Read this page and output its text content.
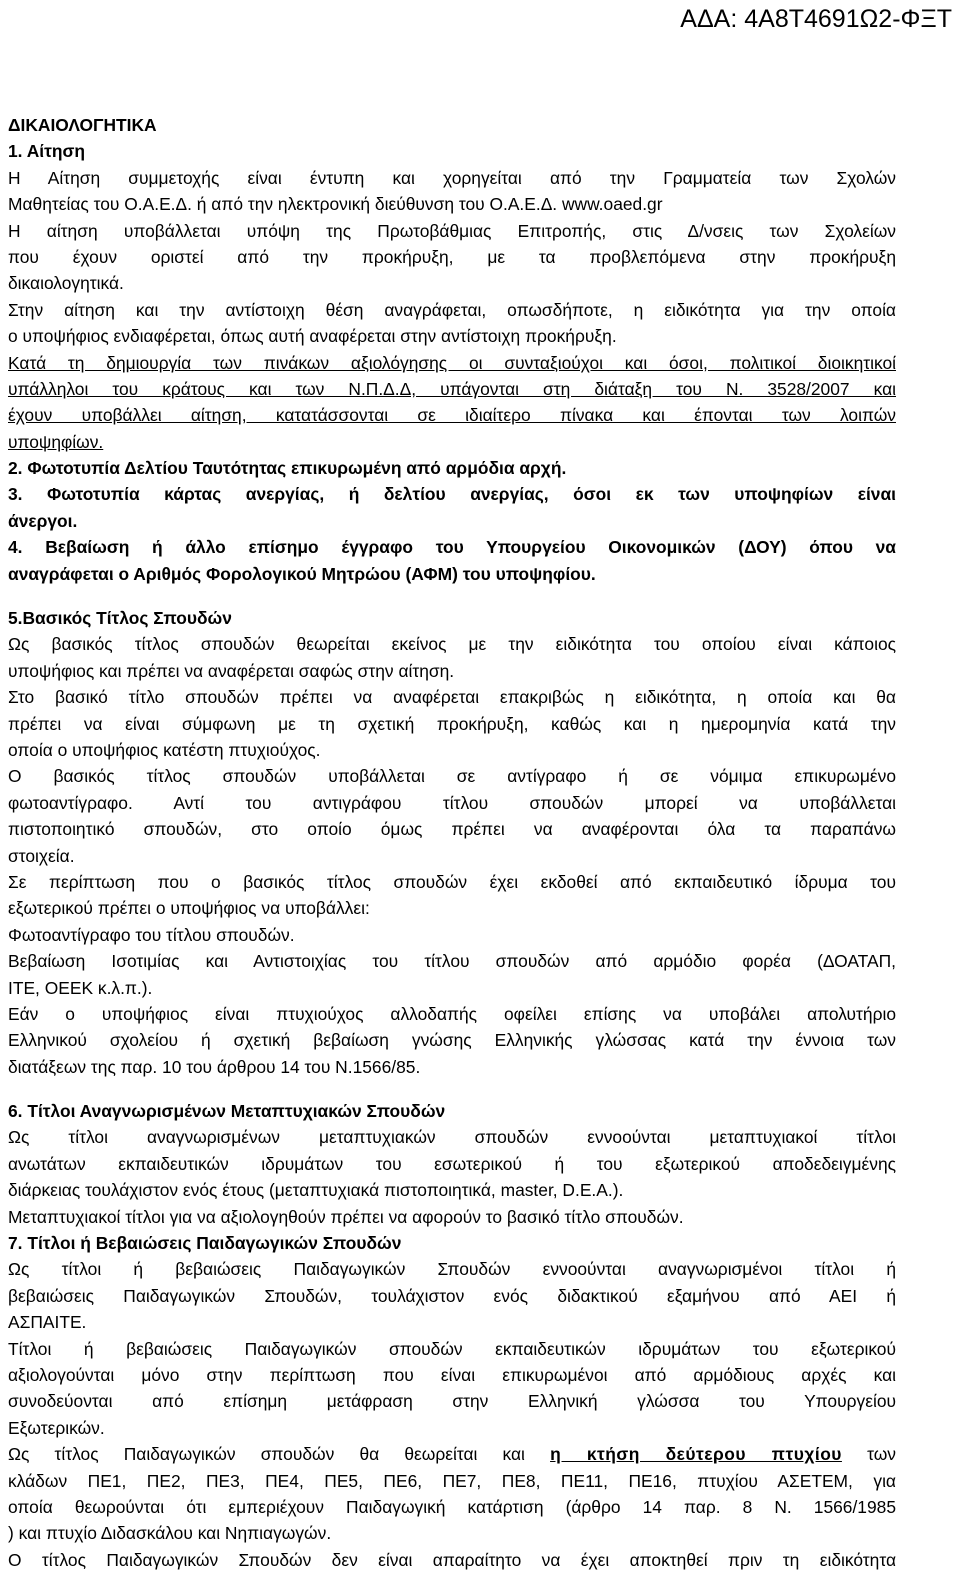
ΑΔΑ: 4Α8Τ4691Ω2-ΦΞΤ
ΔΙΚΑΙΟΛΟΓΗΤΙΚΑ
1. Αίτηση
Η Αίτηση συμμετοχής είναι έντυπη και χορηγείται από την Γραμματεία των Σχολών
Μαθητείας του Ο.Α.Ε.Δ. ή από την ηλεκτρονική διεύθυνση του Ο.Α.Ε.Δ. www.oaed.gr
Η αίτηση υποβάλλεται υπόψη της Πρωτοβάθμιας Επιτροπής, στις Δ/νσεις των Σχολείων
που έχουν οριστεί από την προκήρυξη, με τα προβλεπόμενα στην προκήρυξη
δικαιολογητικά.
Στην αίτηση και την αντίστοιχη θέση αναγράφεται, οπωσδήποτε, η ειδικότητα για την οποία
ο υποψήφιος ενδιαφέρεται, όπως αυτή αναφέρεται στην αντίστοιχη προκήρυξη.
Κατά τη δημιουργία των πινάκων αξιολόγησης οι συνταξιούχοι και όσοι, πολιτικοί διοικητικοί
υπάλληλοι του κράτους και των Ν.Π.Δ.Δ, υπάγονται στη διάταξη του Ν. 3528/2007 και
έχουν υποβάλλει αίτηση, κατατάσσονται σε ιδιαίτερο πίνακα και έπονται των λοιπών
υποψηφίων.
2. Φωτοτυπία Δελτίου Ταυτότητας επικυρωμένη από αρμόδια αρχή.
3. Φωτοτυπία κάρτας ανεργίας, ή δελτίου ανεργίας, όσοι εκ των υποψηφίων είναι
άνεργοι.
4. Βεβαίωση ή άλλο επίσημο έγγραφο του Υπουργείου Οικονομικών (ΔΟΥ) όπου να
αναγράφεται ο Αριθμός Φορολογικού Μητρώου (ΑΦΜ) του υποψηφίου.
5.Βασικός Τίτλος Σπουδών
Ως βασικός τίτλος σπουδών θεωρείται εκείνος με την ειδικότητα του οποίου είναι κάποιος
υποψήφιος και πρέπει να αναφέρεται σαφώς στην αίτηση.
Στο βασικό τίτλο σπουδών πρέπει να αναφέρεται επακριβώς η ειδικότητα, η οποία και θα
πρέπει να είναι σύμφωνη με τη σχετική προκήρυξη, καθώς και η ημερομηνία κατά την
οποία ο υποψήφιος κατέστη πτυχιούχος.
Ο βασικός τίτλος σπουδών υποβάλλεται σε αντίγραφο ή σε νόμιμα επικυρωμένο
φωτοαντίγραφο. Αντί του αντιγράφου τίτλου σπουδών μπορεί να υποβάλλεται
πιστοποιητικό σπουδών, στο οποίο όμως πρέπει να αναφέρονται όλα τα παραπάνω
στοιχεία.
Σε περίπτωση που ο βασικός τίτλος σπουδών έχει εκδοθεί από εκπαιδευτικό ίδρυμα του
εξωτερικού πρέπει ο υποψήφιος να υποβάλλει:
Φωτοαντίγραφο του τίτλου σπουδών.
Βεβαίωση Ισοτιμίας και Αντιστοιχίας του τίτλου σπουδών από αρμόδιο φορέα (ΔΟΑΤΑΠ,
ΙΤΕ, ΟΕΕΚ κ.λ.π.).
Εάν ο υποψήφιος είναι πτυχιούχος αλλοδαπής οφείλει επίσης να υποβάλει απολυτήριο
Ελληνικού σχολείου ή σχετική βεβαίωση γνώσης Ελληνικής γλώσσας κατά την έννοια των
διατάξεων της παρ. 10 του άρθρου 14 του Ν.1566/85.
6. Τίτλοι Αναγνωρισμένων Μεταπτυχιακών Σπουδών
Ως τίτλοι αναγνωρισμένων μεταπτυχιακών σπουδών εννοούνται μεταπτυχιακοί τίτλοι
ανωτάτων εκπαιδευτικών ιδρυμάτων του εσωτερικού ή του εξωτερικού αποδεδειγμένης
διάρκειας τουλάχιστον ενός έτους (μεταπτυχιακά πιστοποιητικά, master, D.E.A.).
Μεταπτυχιακοί τίτλοι για να αξιολογηθούν πρέπει να αφορούν το βασικό τίτλο σπουδών.
7. Τίτλοι ή Βεβαιώσεις Παιδαγωγικών Σπουδών
Ως τίτλοι ή βεβαιώσεις Παιδαγωγικών Σπουδών εννοούνται αναγνωρισμένοι τίτλοι ή
βεβαιώσεις Παιδαγωγικών Σπουδών, τουλάχιστον ενός διδακτικού εξαμήνου από ΑΕΙ ή
ΑΣΠΑΙΤΕ.
Τίτλοι ή βεβαιώσεις Παιδαγωγικών σπουδών εκπαιδευτικών ιδρυμάτων του εξωτερικού
αξιολογούνται μόνο στην περίπτωση που είναι επικυρωμένοι από αρμόδιους αρχές και
συνοδεύονται από επίσημη μετάφραση στην Ελληνική γλώσσα του Υπουργείου
Εξωτερικών.
Ως τίτλος Παιδαγωγικών σπουδών θα θεωρείται και η κτήση δεύτερου πτυχίου των
κλάδων ΠΕ1, ΠΕ2, ΠΕ3, ΠΕ4, ΠΕ5, ΠΕ6, ΠΕ7, ΠΕ8, ΠΕ11, ΠΕ16, πτυχίου ΑΣΕΤΕΜ, για
οποία θεωρούνται ότι εμπεριέχουν Παιδαγωγική κατάρτιση (άρθρο 14 παρ. 8 Ν. 1566/1985
) και πτυχίο Διδασκάλου και Νηπιαγωγών.
Ο τίτλος Παιδαγωγικών Σπουδών δεν είναι απαραίτητο να έχει αποκτηθεί πριν τη ειδικότητα
